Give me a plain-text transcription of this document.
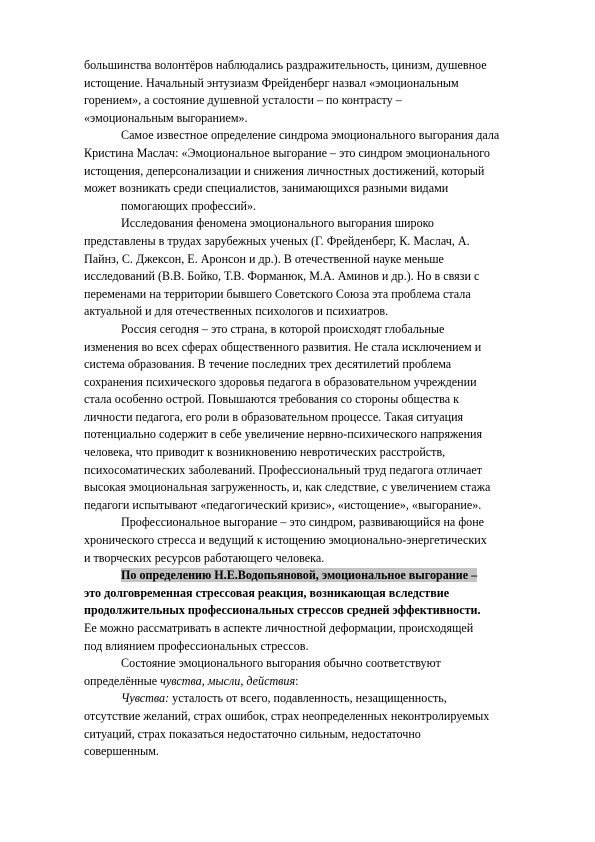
большинства волонтёров наблюдались раздражительность, цинизм, душевное
истощение. Начальный энтузиазм Фрейденберг назвал «эмоциональным
горением», а состояние душевной усталости – по контрасту –
«эмоциональным выгоранием».
Самое известное определение синдрома эмоционального выгорания дала
Кристина Маслач: «Эмоциональное выгорание – это синдром эмоционального
истощения, деперсонализации и снижения личностных достижений, который
может возникать среди специалистов, занимающихся разными видами
помогающих профессий».
Исследования феномена эмоционального выгорания широко
представлены в трудах зарубежных ученых (Г. Фрейденберг, К. Маслач, А.
Пайнз, С. Джексон, Е. Аронсон и др.). В отечественной науке меньше
исследований (В.В. Бойко, Т.В. Форманюк, М.А. Аминов и др.). Но в связи с
переменами на территории бывшего Советского Союза эта проблема стала
актуальной и для отечественных психологов и психиатров.
Россия сегодня – это страна, в которой происходят глобальные
изменения во всех сферах общественного развития. Не стала исключением и
система образования. В течение последних трех десятилетий проблема
сохранения психического здоровья педагога в образовательном учреждении
стала особенно острой. Повышаются требования со стороны общества к
личности педагога, его роли в образовательном процессе. Такая ситуация
потенциально содержит в себе увеличение нервно-психического напряжения
человека, что приводит к возникновению невротических расстройств,
психосоматических заболеваний. Профессиональный труд педагога отличает
высокая эмоциональная загруженность, и, как следствие, с увеличением стажа
педагоги испытывают «педагогический кризис», «истощение», «выгорание».
Профессиональное выгорание – это синдром, развивающийся на фоне
хронического стресса и ведущий к истощению эмоционально-энергетических
и творческих ресурсов работающего человека.
По определению Н.Е.Водопьяновой, эмоциональное выгорание –
это долговременная стрессовая реакция, возникающая вследствие
продолжительных профессиональных стрессов средней эффективности.
Ее можно рассматривать в аспекте личностной деформации, происходящей
под влиянием профессиональных стрессов.
Состояние эмоционального выгорания обычно соответствуют
определённые чувства, мысли, действия:
Чувства: усталость от всего, подавленность, незащищенность,
отсутствие желаний, страх ошибок, страх неопределенных неконтролируемых
ситуаций, страх показаться недостаточно сильным, недостаточно
совершенным.
